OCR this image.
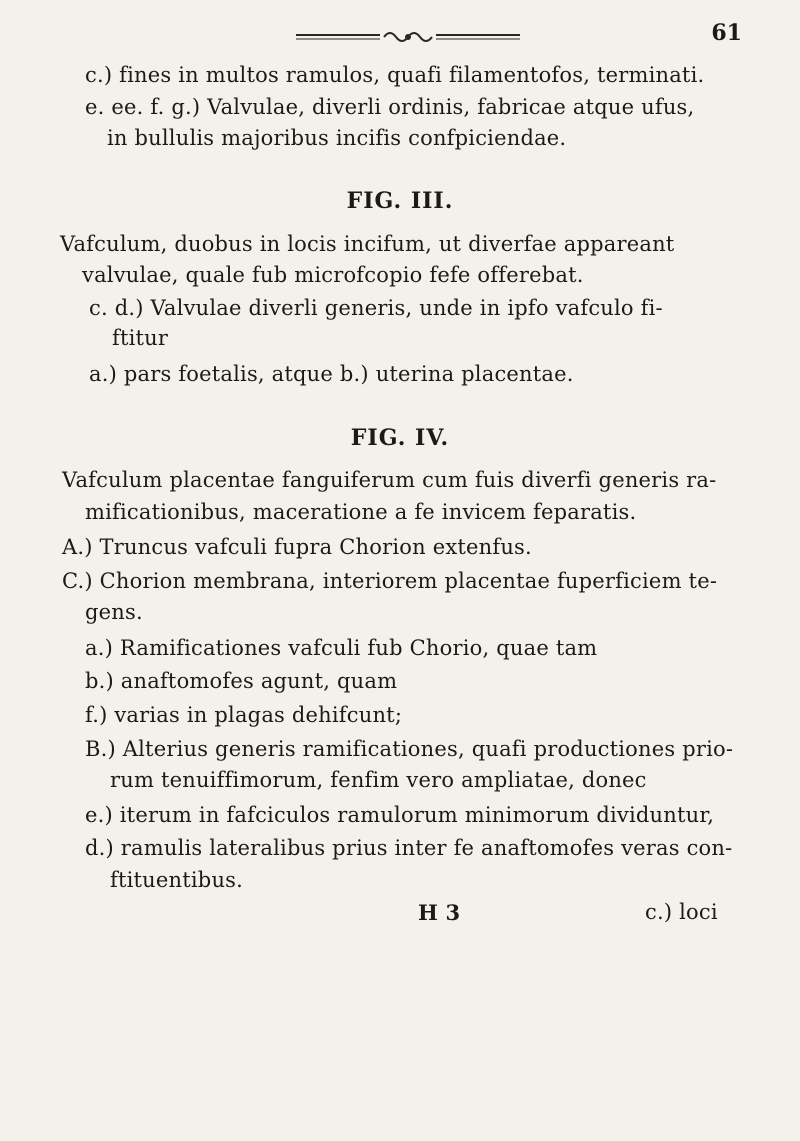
61
c.) fines in multos ramulos, quafi filamentofos, terminati.
e. ee. f. g.) Valvulae, diverli ordinis, fabricae atque ufus,
in bullulis majoribus incifis confpiciendae.
FIG. III.
Vafculum, duobus in locis incifum, ut diverfae appareant
valvulae, quale fub microfcopio fefe offerebat.
c. d.) Valvulae diverli generis, unde in ipfo vafculo fi-
ftitur
a.) pars foetalis, atque b.) uterina placentae.
FIG. IV.
Vafculum placentae fanguiferum cum fuis diverfi generis ra-
mificationibus, maceratione a fe invicem feparatis.
A.) Truncus vafculi fupra Chorion extenfus.
C.) Chorion membrana, interiorem placentae fuperficiem te-
gens.
a.) Ramificationes vafculi fub Chorio, quae tam
b.) anaftomofes agunt, quam
f.) varias in plagas dehifcunt;
B.) Alterius generis ramificationes, quafi productiones prio-
rum tenuiffimorum, fenfim vero ampliatae, donec
e.) iterum in fafciculos ramulorum minimorum dividuntur,
d.) ramulis lateralibus prius inter fe anaftomofes veras con-
ftituentibus.
H 3	c.) loci
